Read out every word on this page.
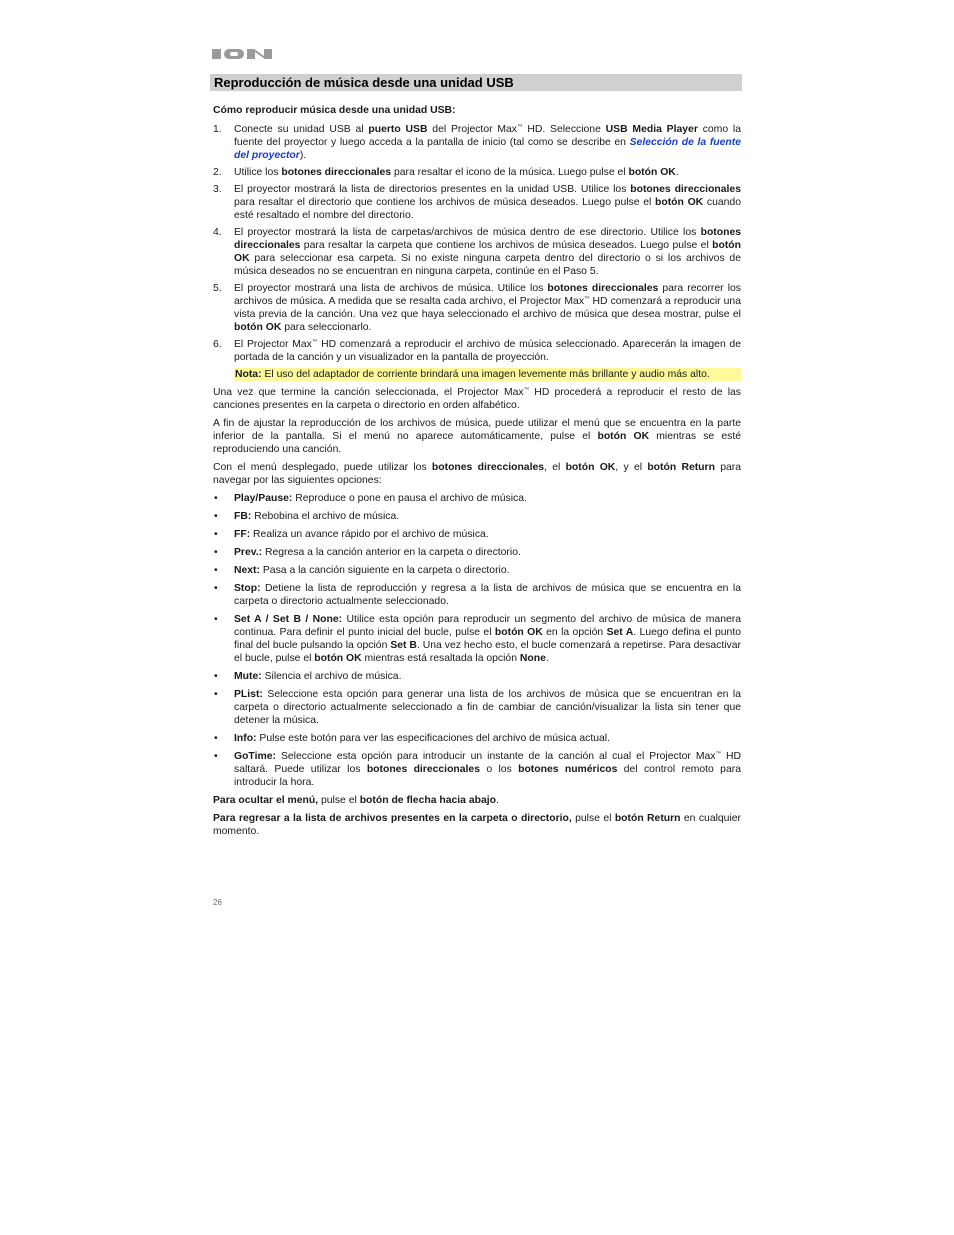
Reproducción de música desde una unidad USB

Cómo reproducir música desde una unidad USB:

1. Conecte su unidad USB al puerto USB del Projector Max™ HD. Seleccione USB Media Player como la fuente del proyector y luego acceda a la pantalla de inicio (tal como se describe en Selección de la fuente del proyector).
2. Utilice los botones direccionales para resaltar el icono de la música. Luego pulse el botón OK.
3. El proyector mostrará la lista de directorios presentes en la unidad USB. Utilice los botones direccionales para resaltar el directorio que contiene los archivos de música deseados. Luego pulse el botón OK cuando esté resaltado el nombre del directorio.
4. El proyector mostrará la lista de carpetas/archivos de música dentro de ese directorio. Utilice los botones direccionales para resaltar la carpeta que contiene los archivos de música deseados. Luego pulse el botón OK para seleccionar esa carpeta. Si no existe ninguna carpeta dentro del directorio o si los archivos de música deseados no se encuentran en ninguna carpeta, continúe en el Paso 5.
5. El proyector mostrará una lista de archivos de música. Utilice los botones direccionales para recorrer los archivos de música. A medida que se resalta cada archivo, el Projector Max™ HD comenzará a reproducir una vista previa de la canción. Una vez que haya seleccionado el archivo de música que desea mostrar, pulse el botón OK para seleccionarlo.
6. El Projector Max™ HD comenzará a reproducir el archivo de música seleccionado. Aparecerán la imagen de portada de la canción y un visualizador en la pantalla de proyección.

Nota: El uso del adaptador de corriente brindará una imagen levemente más brillante y audio más alto.

Una vez que termine la canción seleccionada, el Projector Max™ HD procederá a reproducir el resto de las canciones presentes en la carpeta o directorio en orden alfabético.

A fin de ajustar la reproducción de los archivos de música, puede utilizar el menú que se encuentra en la parte inferior de la pantalla. Si el menú no aparece automáticamente, pulse el botón OK mientras se esté reproduciendo una canción.

Con el menú desplegado, puede utilizar los botones direccionales, el botón OK, y el botón Return para navegar por las siguientes opciones:

• Play/Pause: Reproduce o pone en pausa el archivo de música.
• FB: Rebobina el archivo de música.
• FF: Realiza un avance rápido por el archivo de música.
• Prev.: Regresa a la canción anterior en la carpeta o directorio.
• Next: Pasa a la canción siguiente en la carpeta o directorio.
• Stop: Detiene la lista de reproducción y regresa a la lista de archivos de música que se encuentra en la carpeta o directorio actualmente seleccionado.
• Set A / Set B / None: Utilice esta opción para reproducir un segmento del archivo de música de manera continua. Para definir el punto inicial del bucle, pulse el botón OK en la opción Set A. Luego defina el punto final del bucle pulsando la opción Set B. Una vez hecho esto, el bucle comenzará a repetirse. Para desactivar el bucle, pulse el botón OK mientras está resaltada la opción None.
• Mute: Silencia el archivo de música.
• PList: Seleccione esta opción para generar una lista de los archivos de música que se encuentran en la carpeta o directorio actualmente seleccionado a fin de cambiar de canción/visualizar la lista sin tener que detener la música.
• Info: Pulse este botón para ver las especificaciones del archivo de música actual.
• GoTime: Seleccione esta opción para introducir un instante de la canción al cual el Projector Max™ HD saltará. Puede utilizar los botones direccionales o los botones numéricos del control remoto para introducir la hora.

Para ocultar el menú, pulse el botón de flecha hacia abajo.

Para regresar a la lista de archivos presentes en la carpeta o directorio, pulse el botón Return en cualquier momento.

26
